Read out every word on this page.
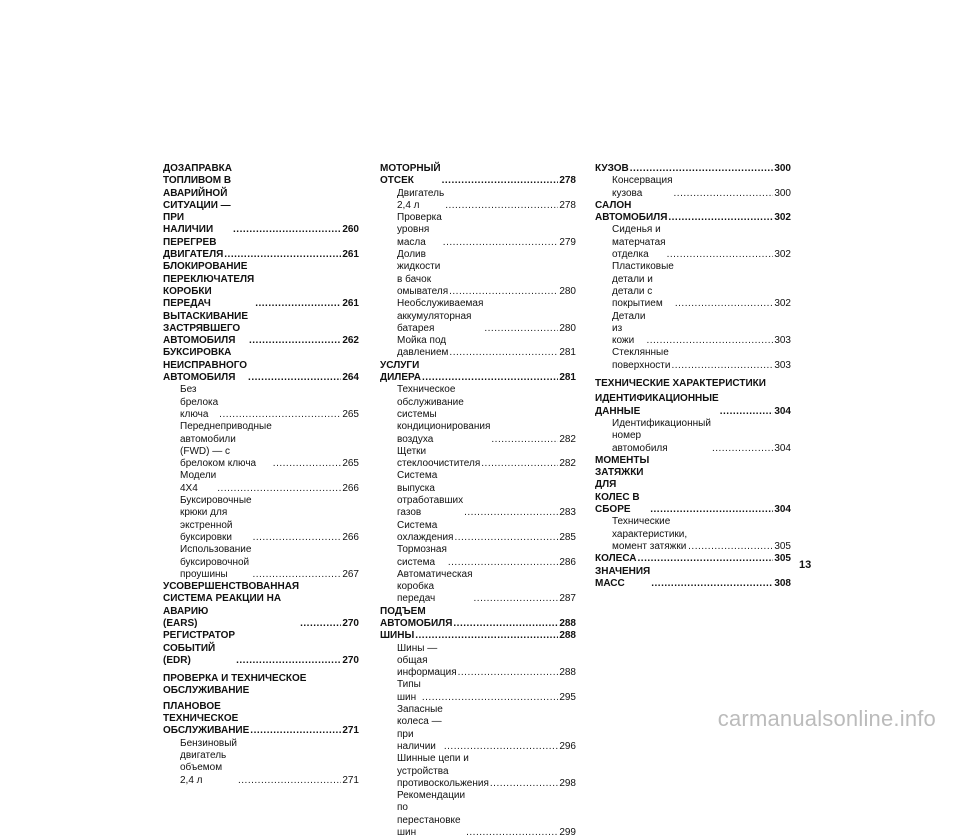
ДОЗАПРАВКА ТОПЛИВОМ В
АВАРИЙНОЙ СИТУАЦИИ — ПРИ
НАЛИЧИИ .....	260
ПЕРЕГРЕВ ДВИГАТЕЛЯ .....	261
БЛОКИРОВАНИЕ ПЕРЕКЛЮЧАТЕЛЯ
КОРОБКИ ПЕРЕДАЧ .....	261
ВЫТАСКИВАНИЕ ЗАСТРЯВШЕГО
АВТОМОБИЛЯ .....	262
БУКСИРОВКА НЕИСПРАВНОГО
АВТОМОБИЛЯ .....	264
Без брелока ключа .....	265
Переднеприводные автомобили
(FWD) — с брелоком ключа .....	265
Модели 4X4 .....	266
Буксировочные крюки для
экстренной буксировки .....	266
Использование буксировочной
проушины .....	267
УСОВЕРШЕНСТВОВАННАЯ
СИСТЕМА РЕАКЦИИ НА АВАРИЮ
(EARS) .....	270
РЕГИСТРАТОР СОБЫТИЙ (EDR) .....	270
ПРОВЕРКА И ТЕХНИЧЕСКОЕ
ОБСЛУЖИВАНИЕ
ПЛАНОВОЕ ТЕХНИЧЕСКОЕ
ОБСЛУЖИВАНИЕ .....	271
Бензиновый двигатель
объемом 2,4 л .....	271
МОТОРНЫЙ ОТСЕК .....	278
Двигатель 2,4 л .....	278
Проверка уровня масла .....	279
Долив жидкости в бачок
омывателя .....	280
Необслуживаемая аккумуляторная
батарея .....	280
Мойка под давлением .....	281
УСЛУГИ ДИЛЕРА .....	281
Техническое обслуживание системы
кондиционирования воздуха .....	282
Щетки стеклоочистителя .....	282
Система выпуска отработавших
газов .....	283
Система охлаждения .....	285
Тормозная система .....	286
Автоматическая коробка
передач .....	287
ПОДЪЕМ АВТОМОБИЛЯ .....	288
ШИНЫ .....	288
Шины — общая информация .....	288
Типы шин .....	295
Запасные колеса — при
наличии .....	296
Шинные цепи и устройства
противоскольжения .....	298
Рекомендации по перестановке
шин .....	299
КУЗОВ .....	300
Консервация кузова .....	300
САЛОН АВТОМОБИЛЯ .....	302
Сиденья и матерчатая отделка .....	302
Пластиковые детали и детали с
покрытием .....	302
Детали из кожи .....	303
Стеклянные поверхности .....	303
ТЕХНИЧЕСКИЕ ХАРАКТЕРИСТИКИ
ИДЕНТИФИКАЦИОННЫЕ
ДАННЫЕ .....	304
Идентификационный номер
автомобиля .....	304
МОМЕНТЫ ЗАТЯЖКИ ДЛЯ
КОЛЕС В СБОРЕ .....	304
Технические характеристики,
момент затяжки .....	305
КОЛЕСА .....	305
ЗНАЧЕНИЯ МАСС .....	308
13
carmanualsonline.info
